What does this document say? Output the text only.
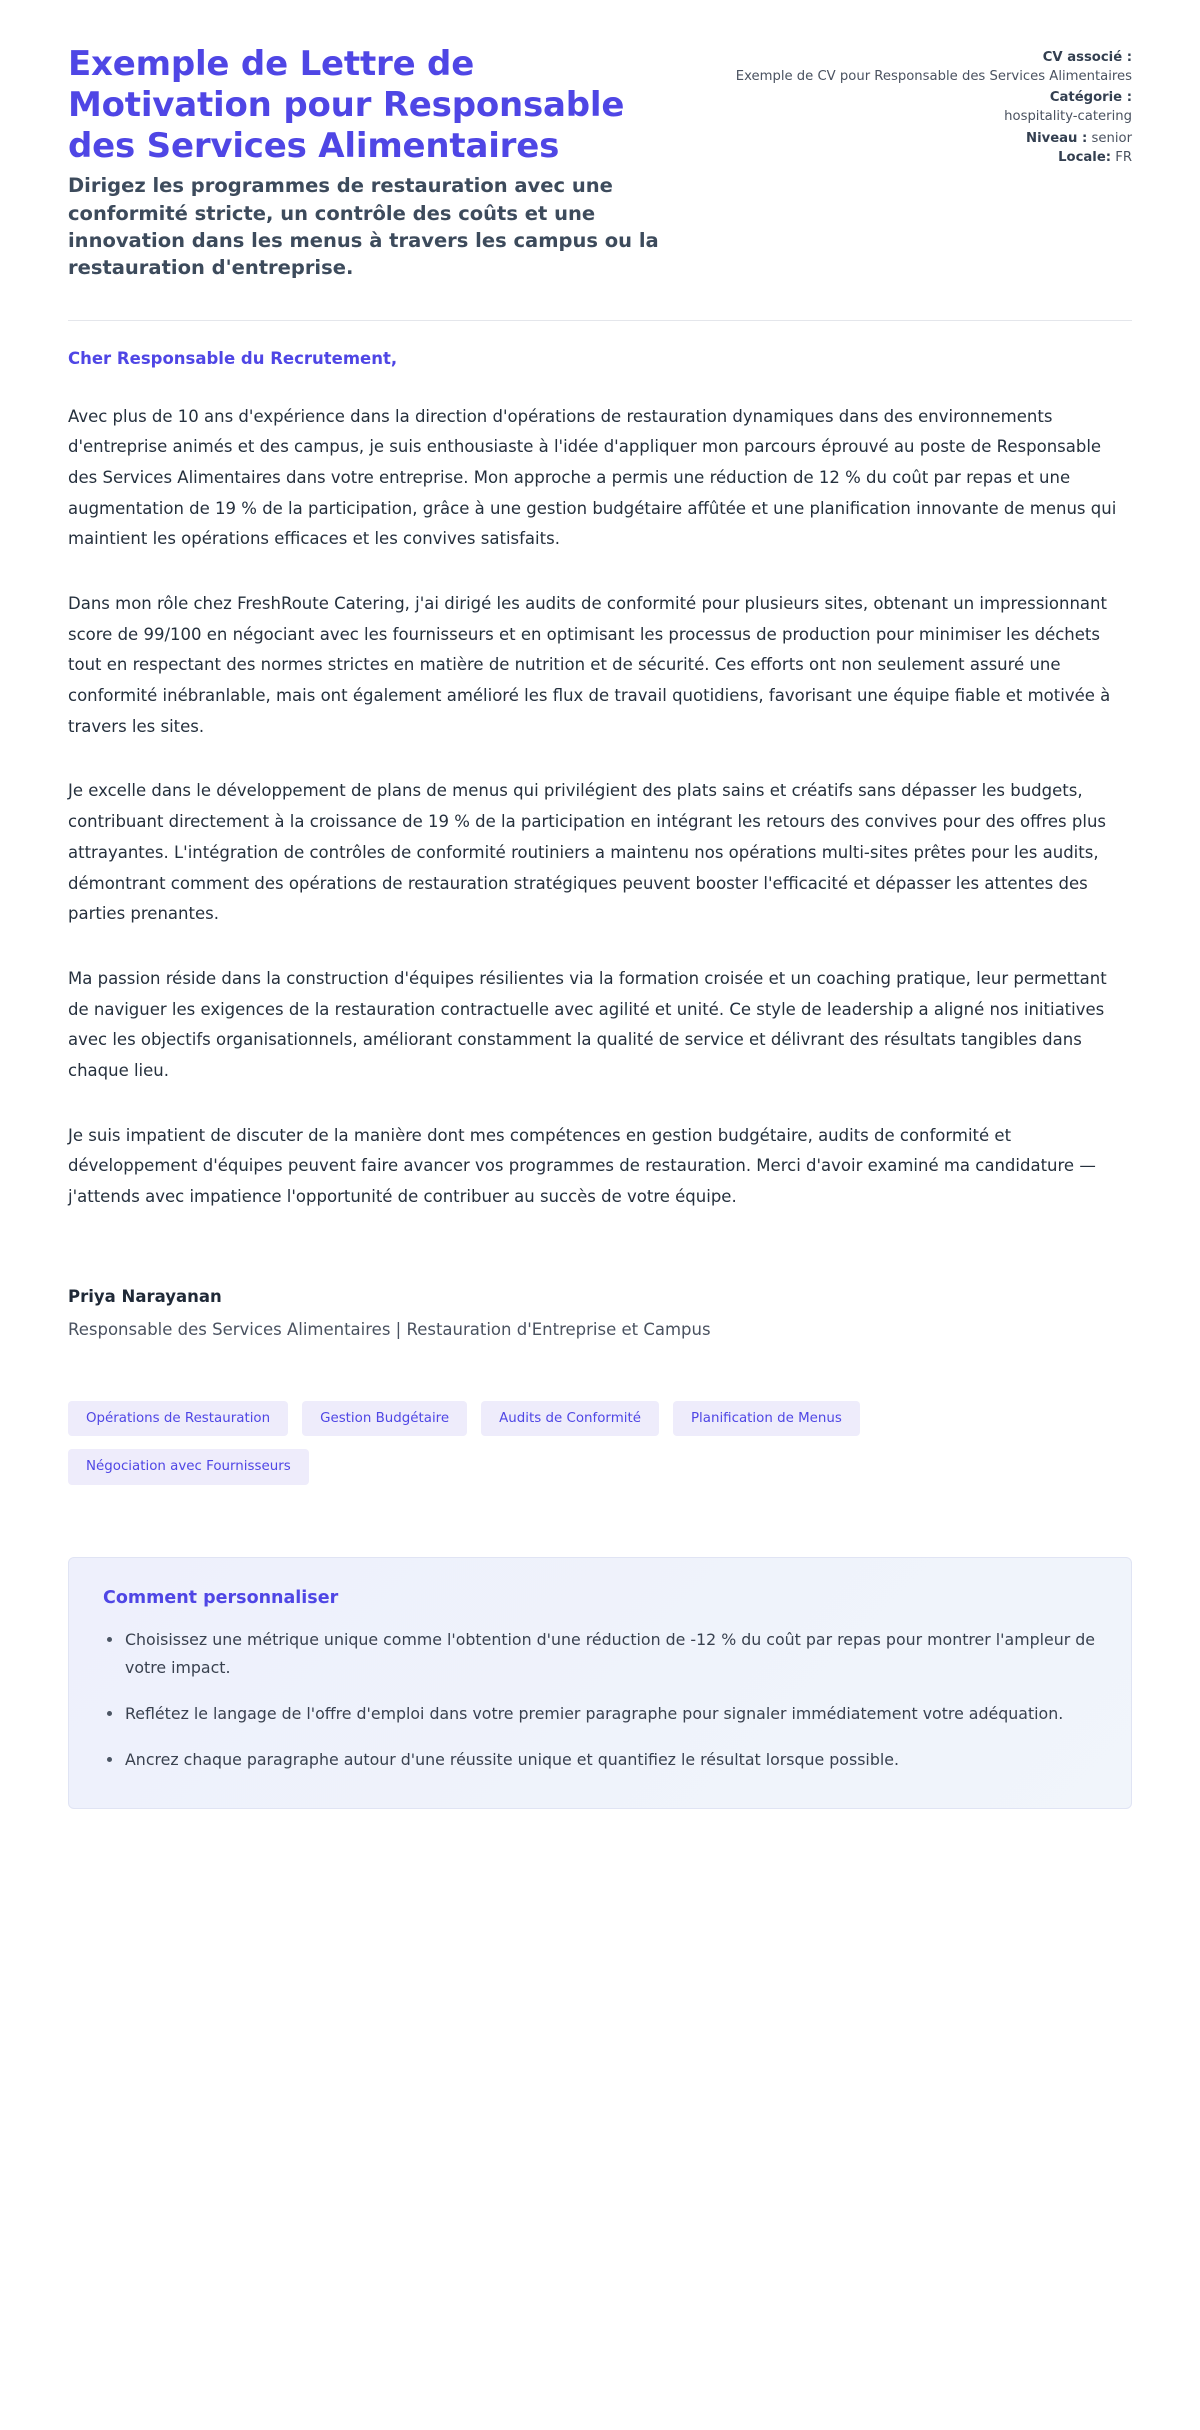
Exemple de Lettre de Motivation pour Responsable des Services Alimentaires

Dirigez les programmes de restauration avec une conformité stricte, un contrôle des coûts et une innovation dans les menus à travers les campus ou la restauration d'entreprise.

CV associé :

Exemple de CV pour Responsable des Services Alimentaires

Catégorie :

hospitality-catering

Niveau : senior

Locale: FR

Cher Responsable du Recrutement,

Avec plus de 10 ans d'expérience dans la direction d'opérations de restauration dynamiques dans des environnements d'entreprise animés et des campus, je suis enthousiaste à l'idée d'appliquer mon parcours éprouvé au poste de Responsable des Services Alimentaires dans votre entreprise. Mon approche a permis une réduction de 12 % du coût par repas et une augmentation de 19 % de la participation, grâce à une gestion budgétaire affûtée et une planification innovante de menus qui maintient les opérations efficaces et les convives satisfaits.

Dans mon rôle chez FreshRoute Catering, j'ai dirigé les audits de conformité pour plusieurs sites, obtenant un impressionnant score de 99/100 en négociant avec les fournisseurs et en optimisant les processus de production pour minimiser les déchets tout en respectant des normes strictes en matière de nutrition et de sécurité. Ces efforts ont non seulement assuré une conformité inébranlable, mais ont également amélioré les flux de travail quotidiens, favorisant une équipe fiable et motivée à travers les sites.

Je excelle dans le développement de plans de menus qui privilégient des plats sains et créatifs sans dépasser les budgets, contribuant directement à la croissance de 19 % de la participation en intégrant les retours des convives pour des offres plus attrayantes. L'intégration de contrôles de conformité routiniers a maintenu nos opérations multi-sites prêtes pour les audits, démontrant comment des opérations de restauration stratégiques peuvent booster l'efficacité et dépasser les attentes des parties prenantes.

Ma passion réside dans la construction d'équipes résilientes via la formation croisée et un coaching pratique, leur permettant de naviguer les exigences de la restauration contractuelle avec agilité et unité. Ce style de leadership a aligné nos initiatives avec les objectifs organisationnels, améliorant constamment la qualité de service et délivrant des résultats tangibles dans chaque lieu.

Je suis impatient de discuter de la manière dont mes compétences en gestion budgétaire, audits de conformité et développement d'équipes peuvent faire avancer vos programmes de restauration. Merci d'avoir examiné ma candidature — j'attends avec impatience l'opportunité de contribuer au succès de votre équipe.

Priya Narayanan

Responsable des Services Alimentaires | Restauration d'Entreprise et Campus

Opérations de Restauration	Gestion Budgétaire	Audits de Conformité	Planification de Menus
Négociation avec Fournisseurs

Comment personnaliser

Choisissez une métrique unique comme l'obtention d'une réduction de -12 % du coût par repas pour montrer l'ampleur de votre impact.
Reflétez le langage de l'offre d'emploi dans votre premier paragraphe pour signaler immédiatement votre adéquation.
Ancrez chaque paragraphe autour d'une réussite unique et quantifiez le résultat lorsque possible.
